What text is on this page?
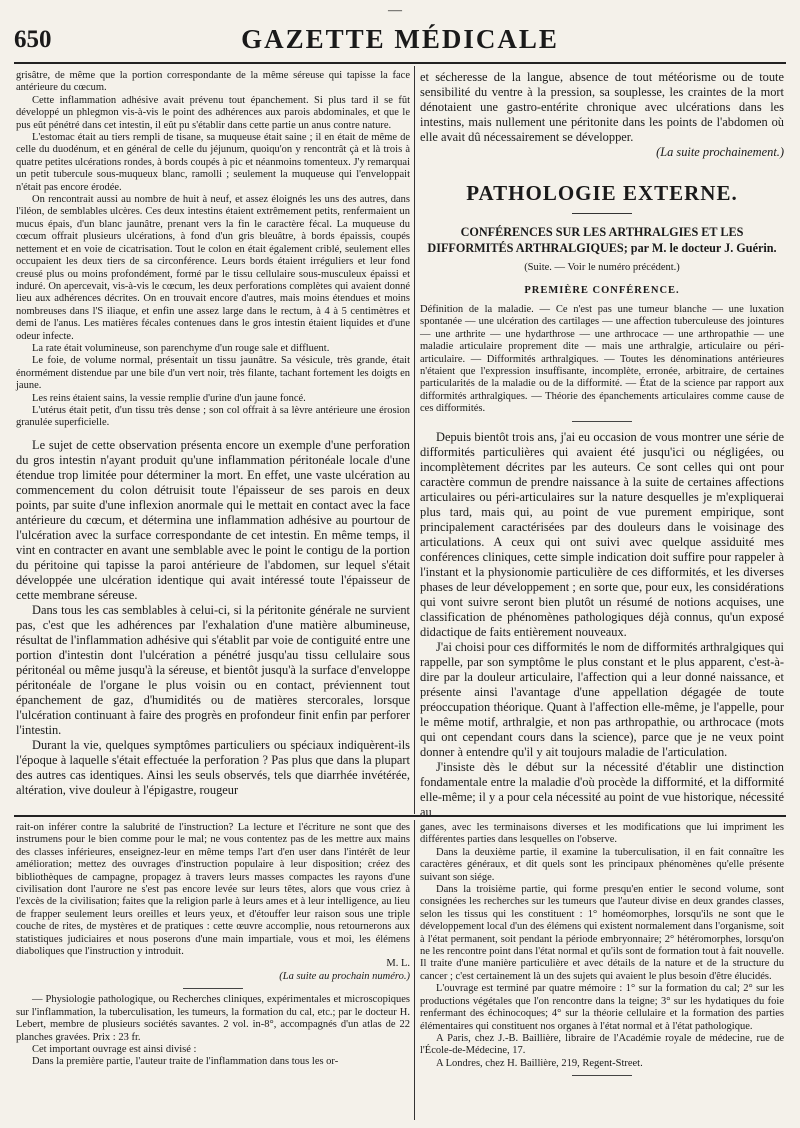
—
650	GAZETTE MÉDICALE

grisâtre, de même que la portion correspondante de la même séreuse qui tapisse la face antérieure du cœcum.

Cette inflammation adhésive avait prévenu tout épanchement. Si plus tard il se fût développé un phlegmon vis-à-vis le point des adhérences aux parois abdominales, et que le pus eût pénétré dans cet intestin, il eût pu s'établir dans cette partie un anus contre nature.

L'estomac était au tiers rempli de tisane, sa muqueuse était saine ; il en était de même de celle du duodénum, et en général de celle du jéjunum, quoiqu'on y rencontrât çà et là trois à quatre petites ulcérations rondes, à bords coupés à pic et néanmoins tomenteux. J'y remarquai un petit tubercule sous-muqueux blanc, ramolli ; seulement la muqueuse qui l'enveloppait n'était pas encore érodée.

On rencontrait aussi au nombre de huit à neuf, et assez éloignés les uns des autres, dans l'iléon, de semblables ulcères. Ces deux intestins étaient extrêmement petits, renfermaient un mucus épais, d'un blanc jaunâtre, prenant vers la fin le caractère fécal. La muqueuse du cœcum offrait plusieurs ulcérations, à fond d'un gris bleuâtre, à bords épaissis, coupés nettement et en voie de cicatrisation. Tout le colon en était également criblé, seulement elles occupaient les deux tiers de sa circonférence. Leurs bords étaient irréguliers et leur fond creusé plus ou moins profondément, formé par le tissu cellulaire sous-musculeux épaissi et induré. On apercevait, vis-à-vis le cœcum, les deux perforations complètes qui avaient donné lieu aux adhérences décrites. On en trouvait encore d'autres, mais moins étendues et moins nombreuses dans l'S iliaque, et enfin une assez large dans le rectum, à 4 à 5 centimètres et demi de l'anus. Les matières fécales contenues dans le gros intestin étaient liquides et d'une odeur infecte.

La rate était volumineuse, son parenchyme d'un rouge sale et diffluent.

Le foie, de volume normal, présentait un tissu jaunâtre. Sa vésicule, très grande, était énormément distendue par une bile d'un vert noir, très filante, tachant fortement les doigts en jaune.

Les reins étaient sains, la vessie remplie d'urine d'un jaune foncé.

L'utérus était petit, d'un tissu très dense ; son col offrait à sa lèvre antérieure une érosion granulée superficielle.

Le sujet de cette observation présenta encore un exemple d'une perforation du gros intestin n'ayant produit qu'une inflammation péritonéale locale d'une étendue trop limitée pour déterminer la mort. En effet, une vaste ulcération au commencement du colon détruisit toute l'épaisseur de ses parois en deux points, par suite d'une inflexion anormale qui le mettait en contact avec la face antérieure du cœcum, et détermina une inflammation adhésive au pourtour de l'ulcération avec la surface correspondante de cet intestin. En même temps, il vint en contracter en avant une semblable avec le point le contigu de la portion du péritoine qui tapisse la paroi antérieure de l'abdomen, sur lequel s'était développée une ulcération identique qui avait intéressé toute l'épaisseur de cette membrane séreuse.

Dans tous les cas semblables à celui-ci, si la péritonite générale ne survient pas, c'est que les adhérences par l'exhalation d'une matière albumineuse, résultat de l'inflammation adhésive qui s'établit par voie de contiguité entre une portion d'intestin dont l'ulcération a pénétré jusqu'au tissu cellulaire sous péritonéal ou même jusqu'à la séreuse, et bientôt jusqu'à la surface d'enveloppe péritonéale de l'organe le plus voisin ou en contact, préviennent tout épanchement de gaz, d'humidités ou de matières stercorales, lorsque l'ulcération continuant à faire des progrès en profondeur finit enfin par perforer l'intestin.

Durant la vie, quelques symptômes particuliers ou spéciaux indiquèrent-ils l'époque à laquelle s'était effectuée la perforation ? Pas plus que dans la plupart des autres cas identiques. Ainsi les seuls observés, tels que diarrhée invétérée, altération, vive douleur à l'épigastre, rougeur

et sécheresse de la langue, absence de tout météorisme ou de toute sensibilité du ventre à la pression, sa souplesse, les craintes de la mort dénotaient une gastro-entérite chronique avec ulcérations dans les intestins, mais nullement une péritonite dans les points de l'abdomen où elle avait dû nécessairement se développer.

(La suite prochainement.)

PATHOLOGIE EXTERNE.
CONFÉRENCES SUR LES ARTHRALGIES ET LES DIFFORMITÉS ARTHRALGIQUES; par M. le docteur J. Guérin.
(Suite. — Voir le numéro précédent.)
PREMIÈRE CONFÉRENCE.

Définition de la maladie. — Ce n'est pas une tumeur blanche — une luxation spontanée — une ulcération des cartilages — une affection tuberculeuse des jointures — une arthrite — une hydarthrose — une arthrocace — une arthropathie — une maladie articulaire proprement dite — mais une arthralgie, articulaire ou péri-articulaire. — Difformités arthralgiques. — Toutes les dénominations antérieures n'étaient que l'expression insuffisante, incomplète, erronée, arbitraire, de certaines particularités de la maladie ou de la difformité. — État de la science par rapport aux difformités arthralgiques. — Théorie des épanchements articulaires comme cause de ces difformités.

Depuis bientôt trois ans, j'ai eu occasion de vous montrer une série de difformités particulières qui avaient été jusqu'ici ou négligées, ou incomplètement décrites par les auteurs. Ce sont celles qui ont pour caractère commun de prendre naissance à la suite de certaines affections articulaires ou péri-articulaires sur la nature desquelles je m'expliquerai plus tard, mais qui, au point de vue purement empirique, sont principalement caractérisées par des douleurs dans le voisinage des articulations. A ceux qui ont suivi avec quelque assiduité mes conférences cliniques, cette simple indication doit suffire pour rappeler à l'instant et la physionomie particulière de ces difformités, et les diverses phases de leur développement ; en sorte que, pour eux, les considérations qui vont suivre seront bien plutôt un résumé de notions acquises, une classification de phénomènes pathologiques déjà connus, qu'un exposé didactique de faits entièrement nouveaux.

J'ai choisi pour ces difformités le nom de difformités arthralgiques qui rappelle, par son symptôme le plus constant et le plus apparent, c'est-à-dire par la douleur articulaire, l'affection qui a leur donné naissance, et présente ainsi l'avantage d'une appellation dégagée de toute préoccupation théorique. Quant à l'affection elle-même, je l'appelle, pour le même motif, arthralgie, et non pas arthropathie, ou arthrocace (mots qui ont cependant cours dans la science), parce que je ne veux point donner à entendre qu'il y ait toujours maladie de l'articulation.

J'insiste dès le début sur la nécessité d'établir une distinction fondamentale entre la maladie d'où procède la difformité, et la difformité elle-même; il y a pour cela nécessité au point de vue historique, nécessité au

rait-on inférer contre la salubrité de l'instruction? La lecture et l'écriture ne sont que des instrumens pour le bien comme pour le mal; ne vous contentez pas de les mettre aux mains des classes inférieures, enseignez-leur en même temps l'art d'en user dans l'intérêt de leur amélioration; mettez des ouvrages d'instruction populaire à leur disposition; créez des bibliothèques de campagne, propagez à travers leurs masses compactes les rayons d'une civilisation dont l'aurore ne s'est pas encore levée sur leurs têtes, alors que vous criez à l'excès de la civilisation; faites que la religion parle à leurs ames et à leur intelligence, au lieu de frapper seulement leurs oreilles et leurs yeux, et d'étouffer leur raison sous une triple couche de rites, de mystères et de pratiques : cette œuvre accomplie, nous retournerons aux statistiques judiciaires et nous poserons d'une main impartiale, vous et moi, les élémens diaboliques que l'instruction y introduit.

M. L.

(La suite au prochain numéro.)

— Physiologie pathologique, ou Recherches cliniques, expérimentales et microscopiques sur l'inflammation, la tuberculisation, les tumeurs, la formation du cal, etc.; par le docteur H. Lebert, membre de plusieurs sociétés savantes. 2 vol. in-8°, accompagnés d'un atlas de 22 planches gravées. Prix : 23 fr.

Cet important ouvrage est ainsi divisé :

Dans la première partie, l'auteur traite de l'inflammation dans tous les or-

ganes, avec les terminaisons diverses et les modifications que lui impriment les différentes parties dans lesquelles on l'observe.

Dans la deuxième partie, il examine la tuberculisation, il en fait connaître les caractères généraux, et dit quels sont les principaux phénomènes qu'elle présente suivant son siége.

Dans la troisième partie, qui forme presqu'en entier le second volume, sont consignées les recherches sur les tumeurs que l'auteur divise en deux grandes classes, selon les tissus qui les constituent : 1° homéomorphes, lorsqu'ils ne sont que le développement local d'un des élémens qui existent normalement dans l'organisme, soit à l'état permanent, soit pendant la période embryonnaire; 2° hétéromorphes, lorsqu'on ne les rencontre point dans l'état normal et qu'ils sont de formation tout à fait nouvelle. Il traite d'une manière particulière et avec détails de la nature et de la structure du cancer ; c'est certainement là un des sujets qui avaient le plus besoin d'être élucidés.

L'ouvrage est terminé par quatre mémoire : 1° sur la formation du cal; 2° sur les productions végétales que l'on rencontre dans la teigne; 3° sur les hydatiques du foie renfermant des échinocoques; 4° sur la théorie cellulaire et la formation des parties élémentaires qui constituent nos organes à l'état normal et à l'état pathologique.

A Paris, chez J.-B. Baillière, libraire de l'Académie royale de médecine, rue de l'École-de-Médecine, 17.

A Londres, chez H. Baillière, 219, Regent-Street.
